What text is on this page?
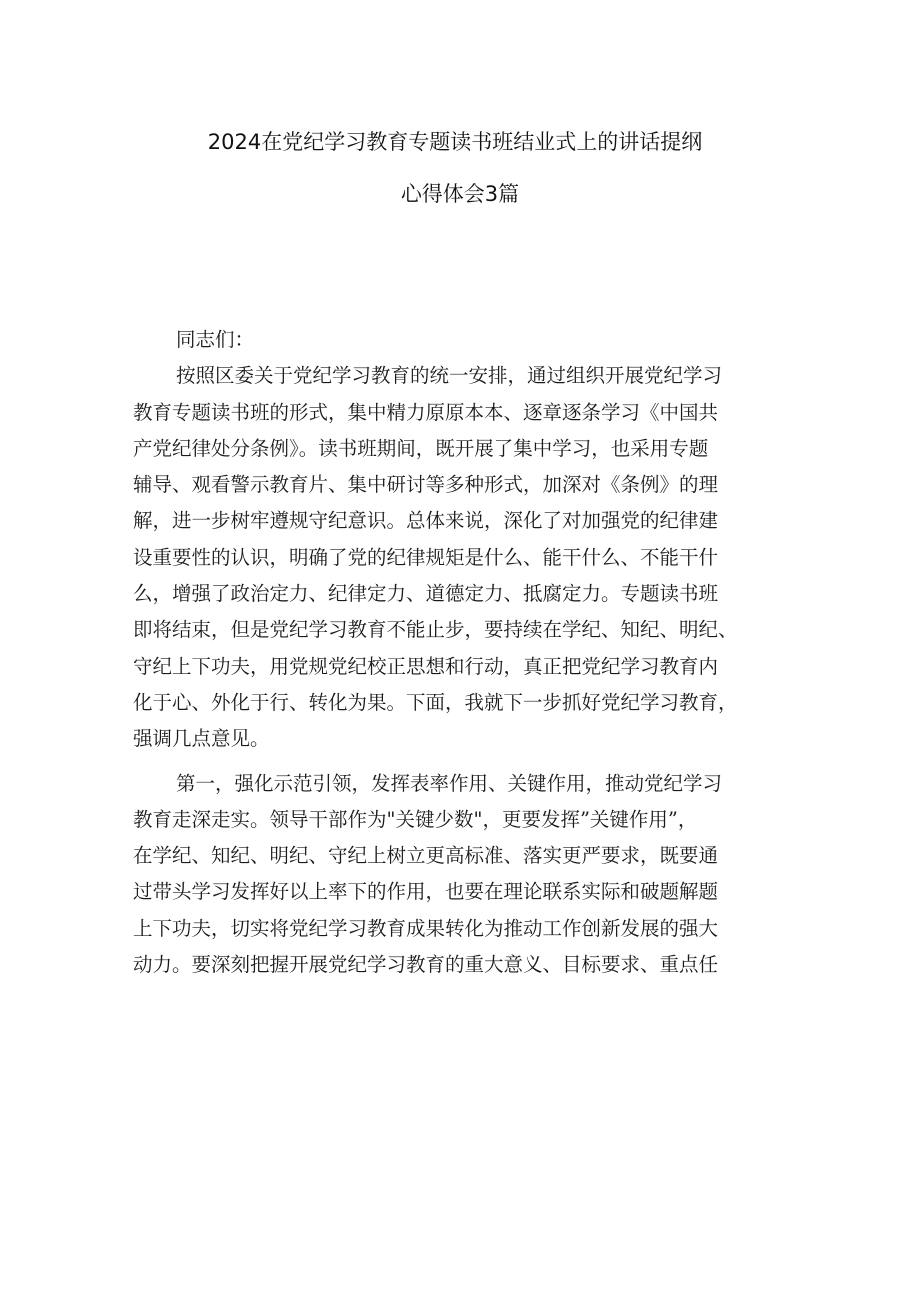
2024在党纪学习教育专题读书班结业式上的讲话提纲
心得体会3篇
同志们：
按照区委关于党纪学习教育的统一安排，通过组织开展党纪学习
教育专题读书班的形式，集中精力原原本本、逐章逐条学习《中国共
产党纪律处分条例》。读书班期间，既开展了集中学习，也采用专题
辅导、观看警示教育片、集中研讨等多种形式，加深对《条例》的理
解，进一步树牢遵规守纪意识。总体来说，深化了对加强党的纪律建
设重要性的认识，明确了党的纪律规矩是什么、能干什么、不能干什
么，增强了政治定力、纪律定力、道德定力、抵腐定力。专题读书班
即将结束，但是党纪学习教育不能止步，要持续在学纪、知纪、明纪、
守纪上下功夫，用党规党纪校正思想和行动，真正把党纪学习教育内
化于心、外化于行、转化为果。下面，我就下一步抓好党纪学习教育，
强调几点意见。
第一，强化示范引领，发挥表率作用、关键作用，推动党纪学习
教育走深走实。领导干部作为"关键少数"，更要发挥”关键作用”，
在学纪、知纪、明纪、守纪上树立更高标准、落实更严要求，既要通
过带头学习发挥好以上率下的作用，也要在理论联系实际和破题解题
上下功夫，切实将党纪学习教育成果转化为推动工作创新发展的强大
动力。要深刻把握开展党纪学习教育的重大意义、目标要求、重点任
